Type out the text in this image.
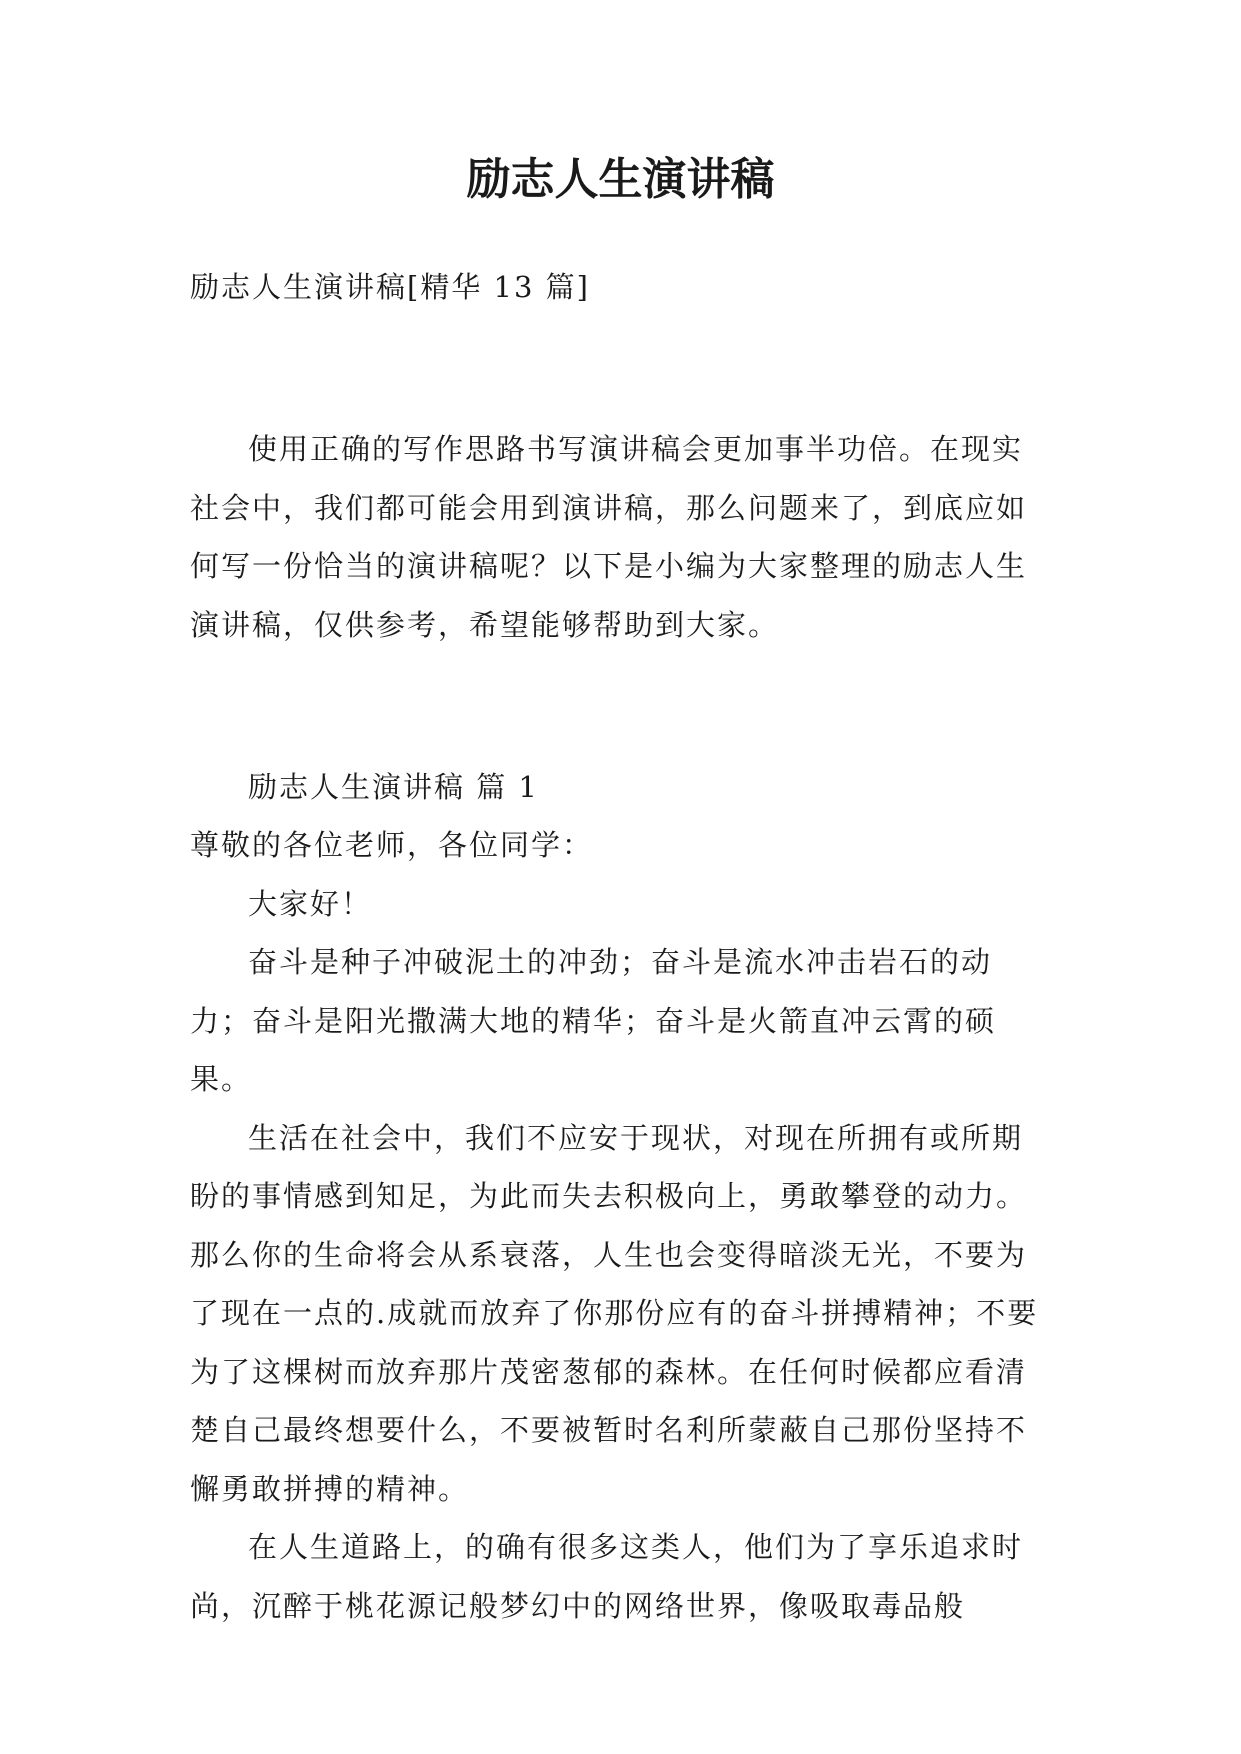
励志人生演讲稿

励志人生演讲稿[精华 13 篇]

使用正确的写作思路书写演讲稿会更加事半功倍。在现实社会中，我们都可能会用到演讲稿，那么问题来了，到底应如何写一份恰当的演讲稿呢？以下是小编为大家整理的励志人生演讲稿，仅供参考，希望能够帮助到大家。

励志人生演讲稿 篇 1

尊敬的各位老师，各位同学：

大家好！

奋斗是种子冲破泥土的冲劲；奋斗是流水冲击岩石的动力；奋斗是阳光撒满大地的精华；奋斗是火箭直冲云霄的硕果。

生活在社会中，我们不应安于现状，对现在所拥有或所期盼的事情感到知足，为此而失去积极向上，勇敢攀登的动力。那么你的生命将会从系衰落，人生也会变得暗淡无光，不要为了现在一点的.成就而放弃了你那份应有的奋斗拼搏精神；不要为了这棵树而放弃那片茂密葱郁的森林。在任何时候都应看清楚自己最终想要什么，不要被暂时名利所蒙蔽自己那份坚持不懈勇敢拼搏的精神。

在人生道路上，的确有很多这类人，他们为了享乐追求时尚，沉醉于桃花源记般梦幻中的网络世界，像吸取毒品般
